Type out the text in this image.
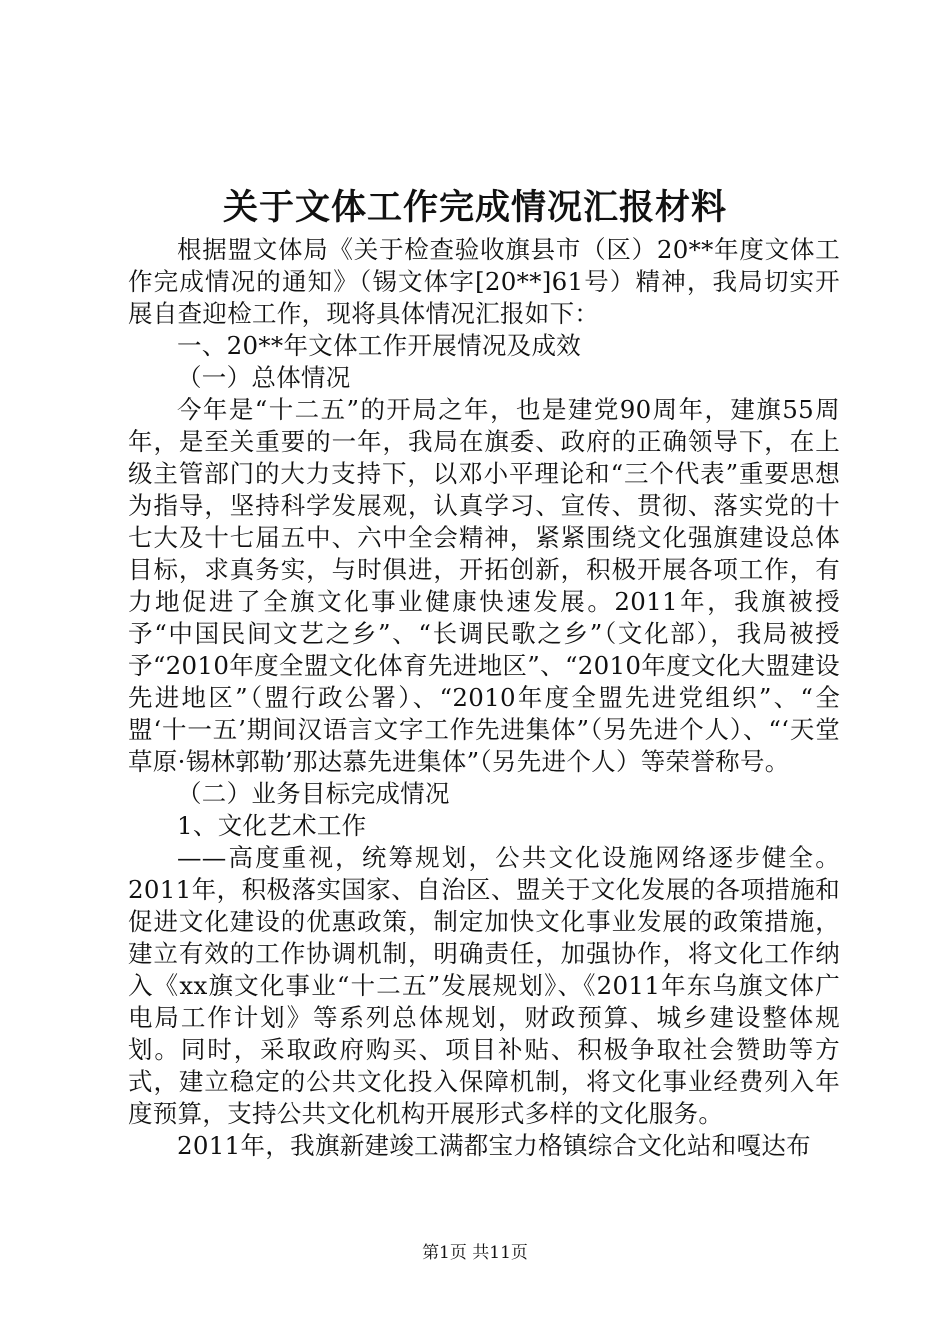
关于文体工作完成情况汇报材料

根据盟文体局《关于检查验收旗县市（区）20**年度文体工作完成情况的通知》（锡文体字[20**]61号）精神，我局切实开展自查迎检工作，现将具体情况汇报如下：

一、20**年文体工作开展情况及成效

（一）总体情况

今年是“十二五”的开局之年，也是建党90周年，建旗55周年，是至关重要的一年，我局在旗委、政府的正确领导下，在上级主管部门的大力支持下，以邓小平理论和“三个代表”重要思想为指导，坚持科学发展观，认真学习、宣传、贯彻、落实党的十七大及十七届五中、六中全会精神，紧紧围绕文化强旗建设总体目标，求真务实，与时俱进，开拓创新，积极开展各项工作，有力地促进了全旗文化事业健康快速发展。2011年，我旗被授予“中国民间文艺之乡”、“长调民歌之乡”（文化部），我局被授予“2010年度全盟文化体育先进地区”、“2010年度文化大盟建设先进地区”（盟行政公署）、“2010年度全盟先进党组织”、“全盟‘十一五’期间汉语言文字工作先进集体”（另先进个人）、“‘天堂草原·锡林郭勒’那达慕先进集体”（另先进个人）等荣誉称号。

（二）业务目标完成情况

1、文化艺术工作

——高度重视，统筹规划，公共文化设施网络逐步健全。2011年，积极落实国家、自治区、盟关于文化发展的各项措施和促进文化建设的优惠政策，制定加快文化事业发展的政策措施，建立有效的工作协调机制，明确责任，加强协作，将文化工作纳入《xx旗文化事业“十二五”发展规划》、《2011年东乌旗文体广电局工作计划》等系列总体规划，财政预算、城乡建设整体规划。同时，采取政府购买、项目补贴、积极争取社会赞助等方式，建立稳定的公共文化投入保障机制，将文化事业经费列入年度预算，支持公共文化机构开展形式多样的文化服务。

2011年，我旗新建竣工满都宝力格镇综合文化站和嘎达布

第1页 共11页
